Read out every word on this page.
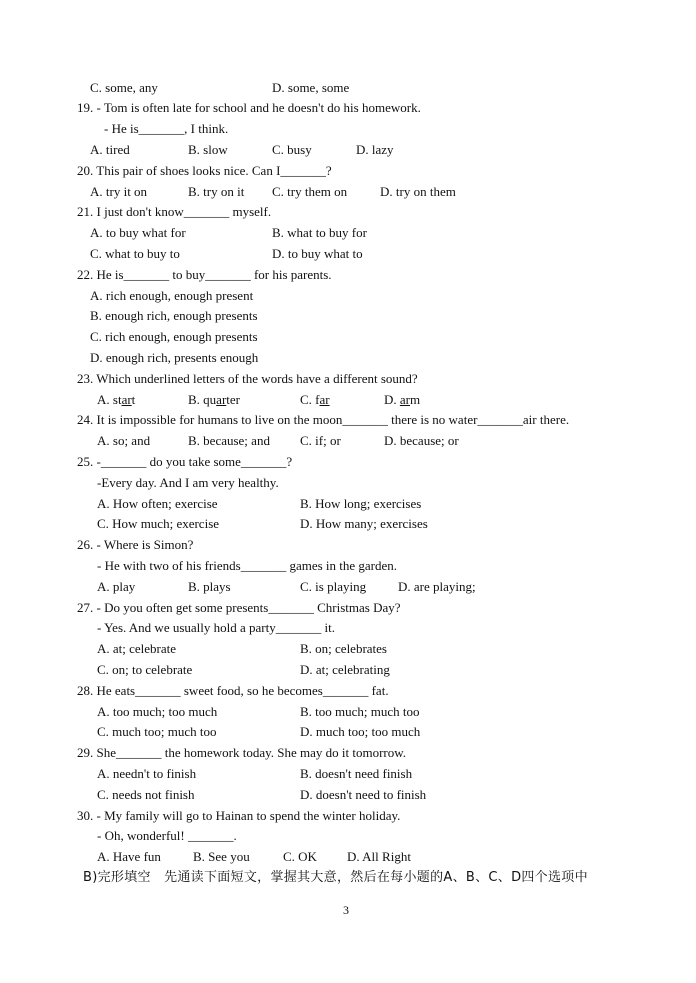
C. some, any	D. some, some
19. - Tom is often late for school and he doesn't do his homework.
- He is_______, I think.
A. tired	B. slow	C. busy	D. lazy
20. This pair of shoes looks nice. Can I_______?
A. try it on	B. try on it C. try them on	D. try on them
21. I just don't know_______ myself.
A. to buy what for	B. what to buy for
C. what to buy to	D. to buy what to
22. He is_______ to buy_______ for his parents.
A. rich enough, enough present
B. enough rich, enough presents
C. rich enough, enough presents
D. enough rich, presents enough
23. Which underlined letters of the words have a different sound?
A. start	B. quarter	C. far	D. arm
24. It is impossible for humans to live on the moon_______ there is no water_______air there.
A. so; and	B. because; and C. if; or	D. because; or
25. -_______ do you take some_______?
-Every day. And I am very healthy.
A. How often; exercise	B. How long; exercises
C. How much; exercise	D. How many; exercises
26. - Where is Simon?
- He with two of his friends_______ games in the garden.
A. play	B. plays	C. is playing D. are playing;
27. - Do you often get some presents_______ Christmas Day?
- Yes. And we usually hold a party_______ it.
A. at; celebrate	B. on; celebrates
C. on; to celebrate	D. at; celebrating
28. He eats_______ sweet food, so he becomes_______ fat.
A. too much; too much	B. too much; much too
C. much too; much too	D. much too; too much
29. She_______ the homework today. She may do it tomorrow.
A. needn't to finish	B. doesn't need finish
C. needs not finish	D. doesn't need to finish
30. - My family will go to Hainan to spend the winter holiday.
- Oh, wonderful! _______.
A. Have fun B. See you	C. OK D. All Right
B)完形填空   先通读下面短文，掌握其大意，然后在每小题的A、B、C、D四个选项中
3
